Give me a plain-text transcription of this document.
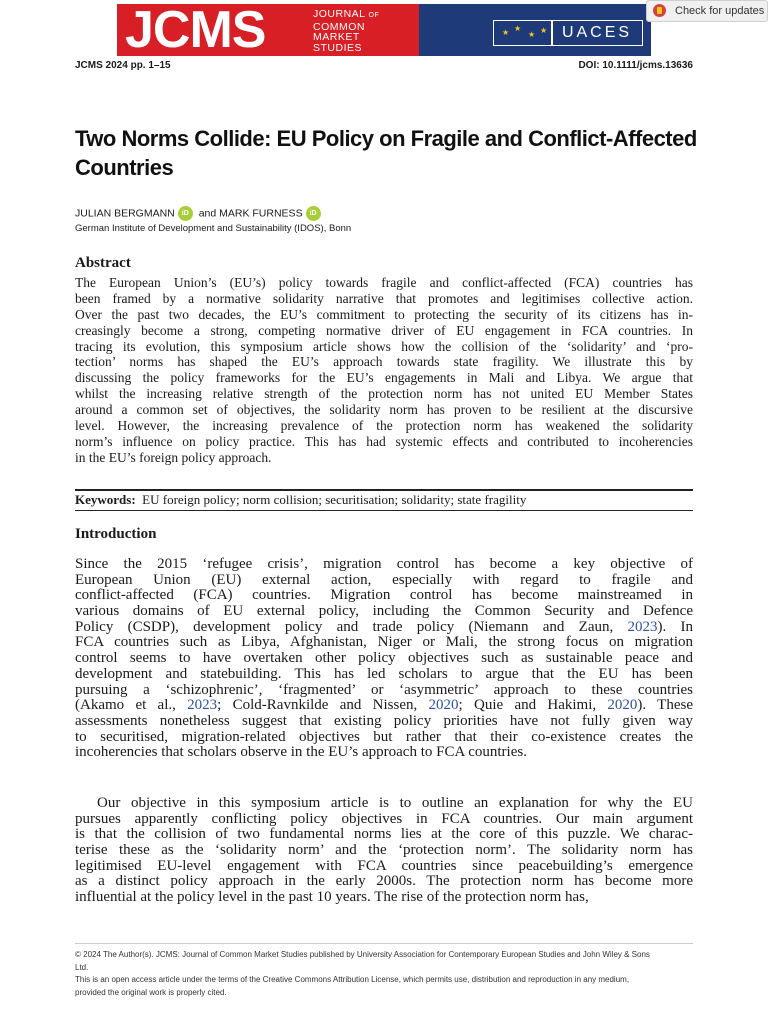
JCMS	JOURNAL OF
COMMON
MARKET
STUDIES
★ ★
★ ★ UACES
Check for updates
JCMS 2024 pp. 1–15	DOI: 10.1111/jcms.13636
Two Norms Collide: EU Policy on Fragile and Conflict-Affected
Countries
JULIAN BERGMANN iD and MARK FURNESS iD
German Institute of Development and Sustainability (IDOS), Bonn
Abstract
The European Union’s (EU’s) policy towards fragile and conflict-affected (FCA) countries has
been framed by a normative solidarity narrative that promotes and legitimises collective action.
Over the past two decades, the EU’s commitment to protecting the security of its citizens has in-
creasingly become a strong, competing normative driver of EU engagement in FCA countries. In
tracing its evolution, this symposium article shows how the collision of the ‘solidarity’ and ‘pro-
tection’ norms has shaped the EU’s approach towards state fragility. We illustrate this by
discussing the policy frameworks for the EU’s engagements in Mali and Libya. We argue that
whilst the increasing relative strength of the protection norm has not united EU Member States
around a common set of objectives, the solidarity norm has proven to be resilient at the discursive
level. However, the increasing prevalence of the protection norm has weakened the solidarity
norm’s influence on policy practice. This has had systemic effects and contributed to incoherencies
in the EU’s foreign policy approach.
Keywords: EU foreign policy; norm collision; securitisation; solidarity; state fragility
Introduction
Since the 2015 ‘refugee crisis’, migration control has become a key objective of
European Union (EU) external action, especially with regard to fragile and
conflict-affected (FCA) countries. Migration control has become mainstreamed in
various domains of EU external policy, including the Common Security and Defence
Policy (CSDP), development policy and trade policy (Niemann and Zaun, 2023). In
FCA countries such as Libya, Afghanistan, Niger or Mali, the strong focus on migration
control seems to have overtaken other policy objectives such as sustainable peace and
development and statebuilding. This has led scholars to argue that the EU has been
pursuing a ‘schizophrenic’, ‘fragmented’ or ‘asymmetric’ approach to these countries
(Akamo et al., 2023; Cold-Ravnkilde and Nissen, 2020; Quie and Hakimi, 2020). These
assessments nonetheless suggest that existing policy priorities have not fully given way
to securitised, migration-related objectives but rather that their co-existence creates the
incoherencies that scholars observe in the EU’s approach to FCA countries.
Our objective in this symposium article is to outline an explanation for why the EU
pursues apparently conflicting policy objectives in FCA countries. Our main argument
is that the collision of two fundamental norms lies at the core of this puzzle. We charac-
terise these as the ‘solidarity norm’ and the ‘protection norm’. The solidarity norm has
legitimised EU-level engagement with FCA countries since peacebuilding’s emergence
as a distinct policy approach in the early 2000s. The protection norm has become more
influential at the policy level in the past 10 years. The rise of the protection norm has,
© 2024 The Author(s). JCMS: Journal of Common Market Studies published by University Association for Contemporary European Studies and John Wiley & Sons
Ltd.
This is an open access article under the terms of the Creative Commons Attribution License, which permits use, distribution and reproduction in any medium,
provided the original work is properly cited.
